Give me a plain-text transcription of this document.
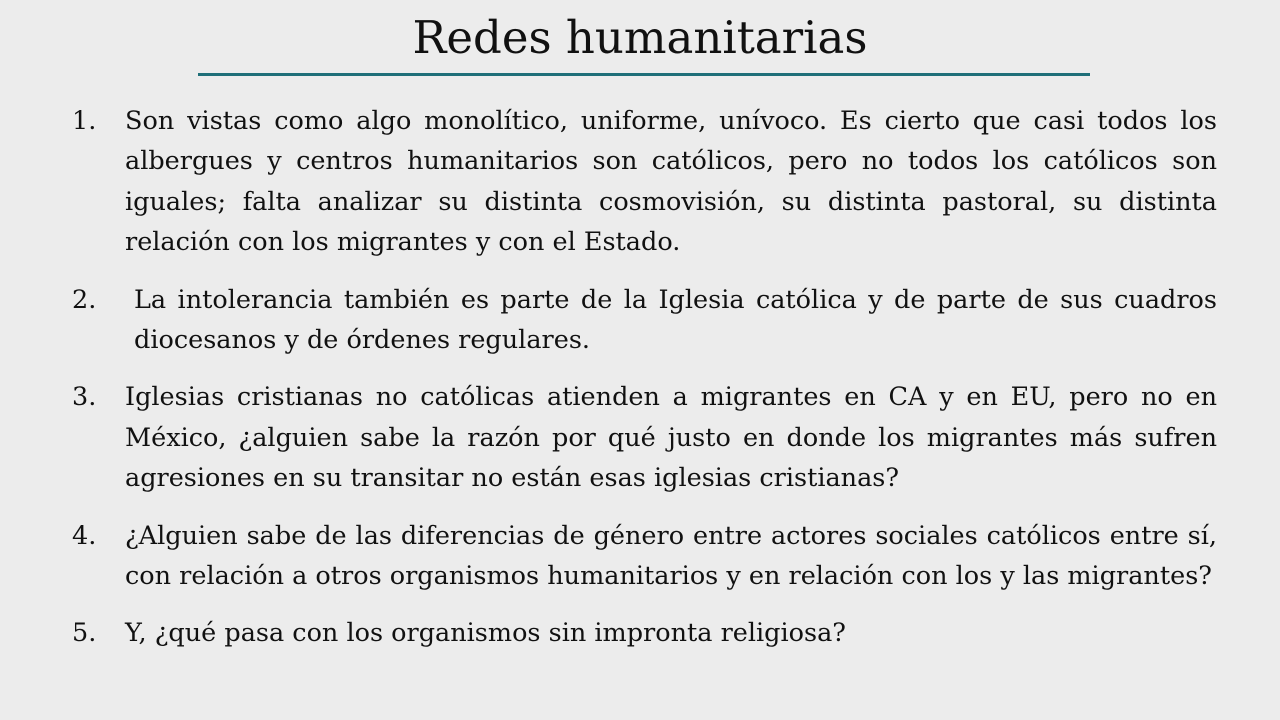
Redes humanitarias
1.	Son vistas como algo monolítico, uniforme, unívoco. Es cierto que casi todos los albergues y centros humanitarios son católicos, pero no todos los católicos son iguales; falta analizar su distinta cosmovisión, su distinta pastoral, su distinta relación con los migrantes y con el Estado.
2.	La intolerancia también es parte de la Iglesia católica y de parte de sus cuadros diocesanos y de órdenes regulares.
3.	Iglesias cristianas no católicas atienden a migrantes en CA y en EU, pero no en México, ¿alguien sabe la razón por qué justo en donde los migrantes más sufren agresiones en su transitar no están esas iglesias cristianas?
4.	¿Alguien sabe de las diferencias de género entre actores sociales católicos entre sí, con relación a otros organismos humanitarios y en relación con los y las migrantes?
5.	Y, ¿qué pasa con los organismos sin impronta religiosa?
